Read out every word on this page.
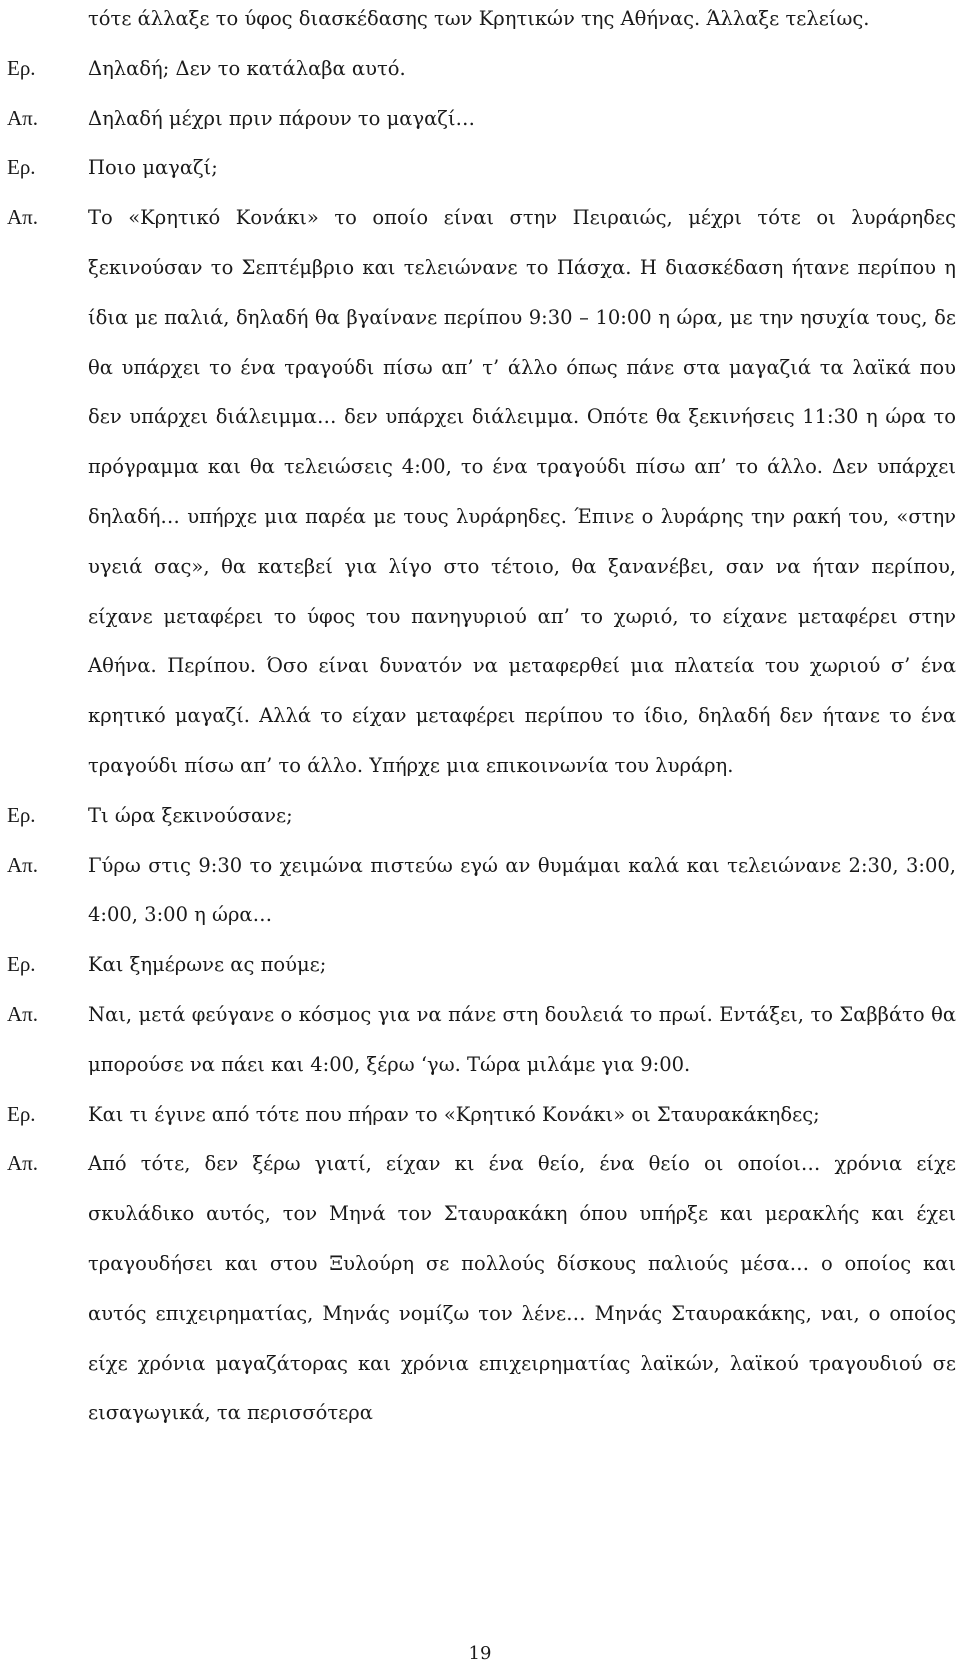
τότε άλλαξε το ύφος διασκέδασης των Κρητικών της Αθήνας. Άλλαξε τελείως.
Ερ.	Δηλαδή; Δεν το κατάλαβα αυτό.
Απ.	Δηλαδή μέχρι πριν πάρουν το μαγαζί…
Ερ.	Ποιο μαγαζί;
Απ.	Το «Κρητικό Κονάκι» το οποίο είναι στην Πειραιώς, μέχρι τότε οι λυράρηδες ξεκινούσαν το Σεπτέμβριο και τελειώνανε το Πάσχα. Η διασκέδαση ήτανε περίπου η ίδια με παλιά, δηλαδή θα βγαίνανε περίπου 9:30 – 10:00 η ώρα, με την ησυχία τους, δε θα υπάρχει το ένα τραγούδι πίσω απ’ τ’ άλλο όπως πάνε στα μαγαζιά τα λαϊκά που δεν υπάρχει διάλειμμα… δεν υπάρχει διάλειμμα. Οπότε θα ξεκινήσεις 11:30 η ώρα το πρόγραμμα και θα τελειώσεις 4:00, το ένα τραγούδι πίσω απ’ το άλλο. Δεν υπάρχει δηλαδή… υπήρχε μια παρέα με τους λυράρηδες. Έπινε ο λυράρης την ρακή του, «στην υγειά σας», θα κατεβεί για λίγο στο τέτοιο, θα ξανανέβει, σαν να ήταν περίπου, είχανε μεταφέρει το ύφος του πανηγυριού απ’ το χωριό, το είχανε μεταφέρει στην Αθήνα. Περίπου. Όσο είναι δυνατόν να μεταφερθεί μια πλατεία του χωριού σ’ ένα κρητικό μαγαζί. Αλλά το είχαν μεταφέρει περίπου το ίδιο, δηλαδή δεν ήτανε το ένα τραγούδι πίσω απ’ το άλλο. Υπήρχε μια επικοινωνία του λυράρη.
Ερ.	Τι ώρα ξεκινούσανε;
Απ.	Γύρω στις 9:30 το χειμώνα πιστεύω εγώ αν θυμάμαι καλά και τελειώνανε 2:30, 3:00, 4:00, 3:00 η ώρα…
Ερ.	Και ξημέρωνε ας πούμε;
Απ.	Ναι, μετά φεύγανε ο κόσμος για να πάνε στη δουλειά το πρωί. Εντάξει, το Σαββάτο θα μπορούσε να πάει και 4:00, ξέρω ‘γω. Τώρα μιλάμε για 9:00.
Ερ.	Και τι έγινε από τότε που πήραν το «Κρητικό Κονάκι» οι Σταυρακάκηδες;
Απ.	Από τότε, δεν ξέρω γιατί, είχαν κι ένα θείο, ένα θείο οι οποίοι… χρόνια είχε σκυλάδικο αυτός, τον Μηνά τον Σταυρακάκη όπου υπήρξε και μερακλής και έχει τραγουδήσει και στου Ξυλούρη σε πολλούς δίσκους παλιούς μέσα… ο οποίος και αυτός επιχειρηματίας, Μηνάς νομίζω τον λένε… Μηνάς Σταυρακάκης, ναι, ο οποίος είχε χρόνια μαγαζάτορας και χρόνια επιχειρηματίας λαϊκών, λαϊκού τραγουδιού σε εισαγωγικά, τα περισσότερα
19
